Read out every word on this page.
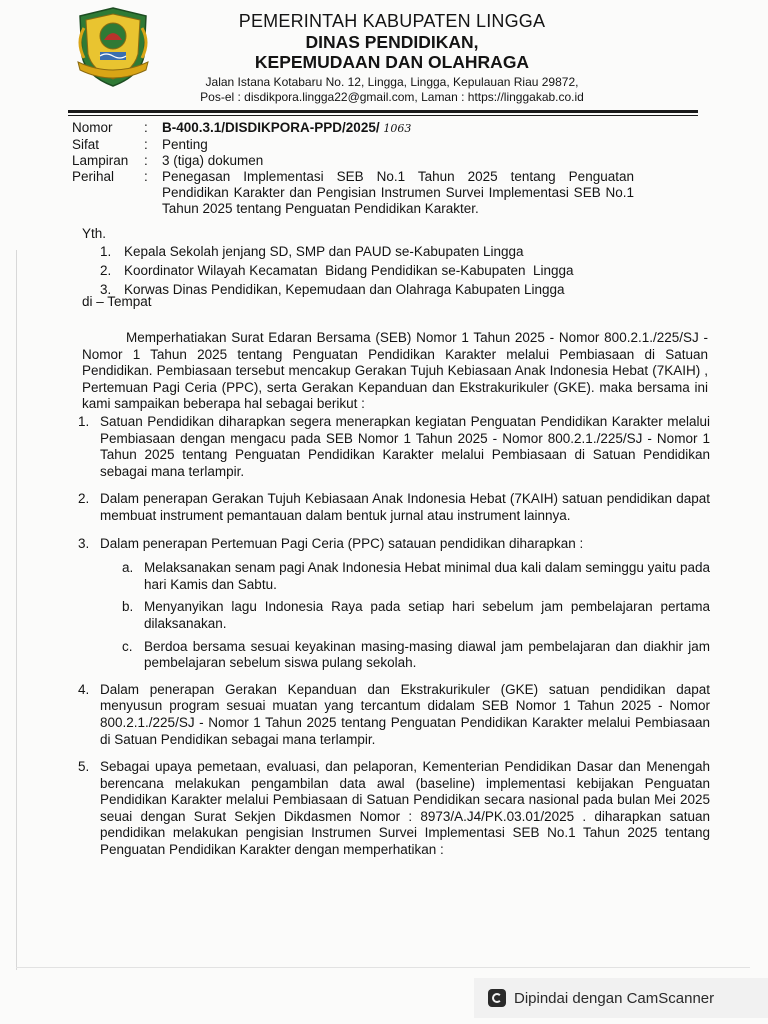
PEMERINTAH KABUPATEN LINGGA
DINAS PENDIDIKAN,
KEPEMUDAAN DAN OLAHRAGA
Jalan Istana Kotabaru No. 12, Lingga, Lingga, Kepulauan Riau 29872,
Pos-el : disdikpora.lingga22@gmail.com, Laman : https://linggakab.co.id
Nomor	:	B-400.3.1/DISDIKPORA-PPD/2025/ 1063
Sifat	:	Penting
Lampiran	:	3 (tiga) dokumen
Perihal	:	Penegasan Implementasi SEB No.1 Tahun 2025 tentang Penguatan Pendidikan Karakter dan Pengisian Instrumen Survei Implementasi SEB No.1 Tahun 2025 tentang Penguatan Pendidikan Karakter.
Yth.
1. Kepala Sekolah jenjang SD, SMP dan PAUD se-Kabupaten Lingga
2. Koordinator Wilayah Kecamatan  Bidang Pendidikan se-Kabupaten  Lingga
3. Korwas Dinas Pendidikan, Kepemudaan dan Olahraga Kabupaten Lingga
di – Tempat
Memperhatiakan Surat Edaran Bersama (SEB) Nomor 1 Tahun 2025 - Nomor 800.2.1./225/SJ - Nomor 1 Tahun 2025 tentang Penguatan Pendidikan Karakter melalui Pembiasaan di Satuan Pendidikan. Pembiasaan tersebut mencakup Gerakan Tujuh Kebiasaan Anak Indonesia Hebat (7KAIH) , Pertemuan Pagi Ceria (PPC), serta Gerakan Kepanduan dan Ekstrakurikuler (GKE). maka bersama ini kami sampaikan beberapa hal sebagai berikut :
1. Satuan Pendidikan diharapkan segera menerapkan kegiatan Penguatan Pendidikan Karakter melalui Pembiasaan dengan mengacu pada SEB Nomor 1 Tahun 2025 - Nomor 800.2.1./225/SJ - Nomor 1 Tahun 2025 tentang Penguatan Pendidikan Karakter melalui Pembiasaan di Satuan Pendidikan sebagai mana terlampir.
2. Dalam penerapan Gerakan Tujuh Kebiasaan Anak Indonesia Hebat (7KAIH) satuan pendidikan dapat membuat instrument pemantauan dalam bentuk jurnal atau instrument lainnya.
3. Dalam penerapan Pertemuan Pagi Ceria (PPC) satauan pendidikan diharapkan :
a. Melaksanakan senam pagi Anak Indonesia Hebat minimal dua kali dalam seminggu yaitu pada hari Kamis dan Sabtu.
b. Menyanyikan lagu Indonesia Raya pada setiap hari sebelum jam pembelajaran pertama dilaksanakan.
c. Berdoa bersama sesuai keyakinan masing-masing diawal jam pembelajaran dan diakhir jam pembelajaran sebelum siswa pulang sekolah.
4. Dalam penerapan Gerakan Kepanduan dan Ekstrakurikuler (GKE) satuan pendidikan dapat menyusun program sesuai muatan yang tercantum didalam SEB Nomor 1 Tahun 2025 - Nomor 800.2.1./225/SJ - Nomor 1 Tahun 2025 tentang Penguatan Pendidikan Karakter melalui Pembiasaan di Satuan Pendidikan sebagai mana terlampir.
5. Sebagai upaya pemetaan, evaluasi, dan pelaporan, Kementerian Pendidikan Dasar dan Menengah berencana melakukan pengambilan data awal (baseline) implementasi kebijakan Penguatan Pendidikan Karakter melalui Pembiasaan di Satuan Pendidikan secara nasional pada bulan Mei 2025 seuai dengan Surat Sekjen Dikdasmen Nomor : 8973/A.J4/PK.03.01/2025 . diharapkan satuan pendidikan melakukan pengisian Instrumen Survei Implementasi SEB No.1 Tahun 2025 tentang Penguatan Pendidikan Karakter dengan memperhatikan :
Dipindai dengan CamScanner
